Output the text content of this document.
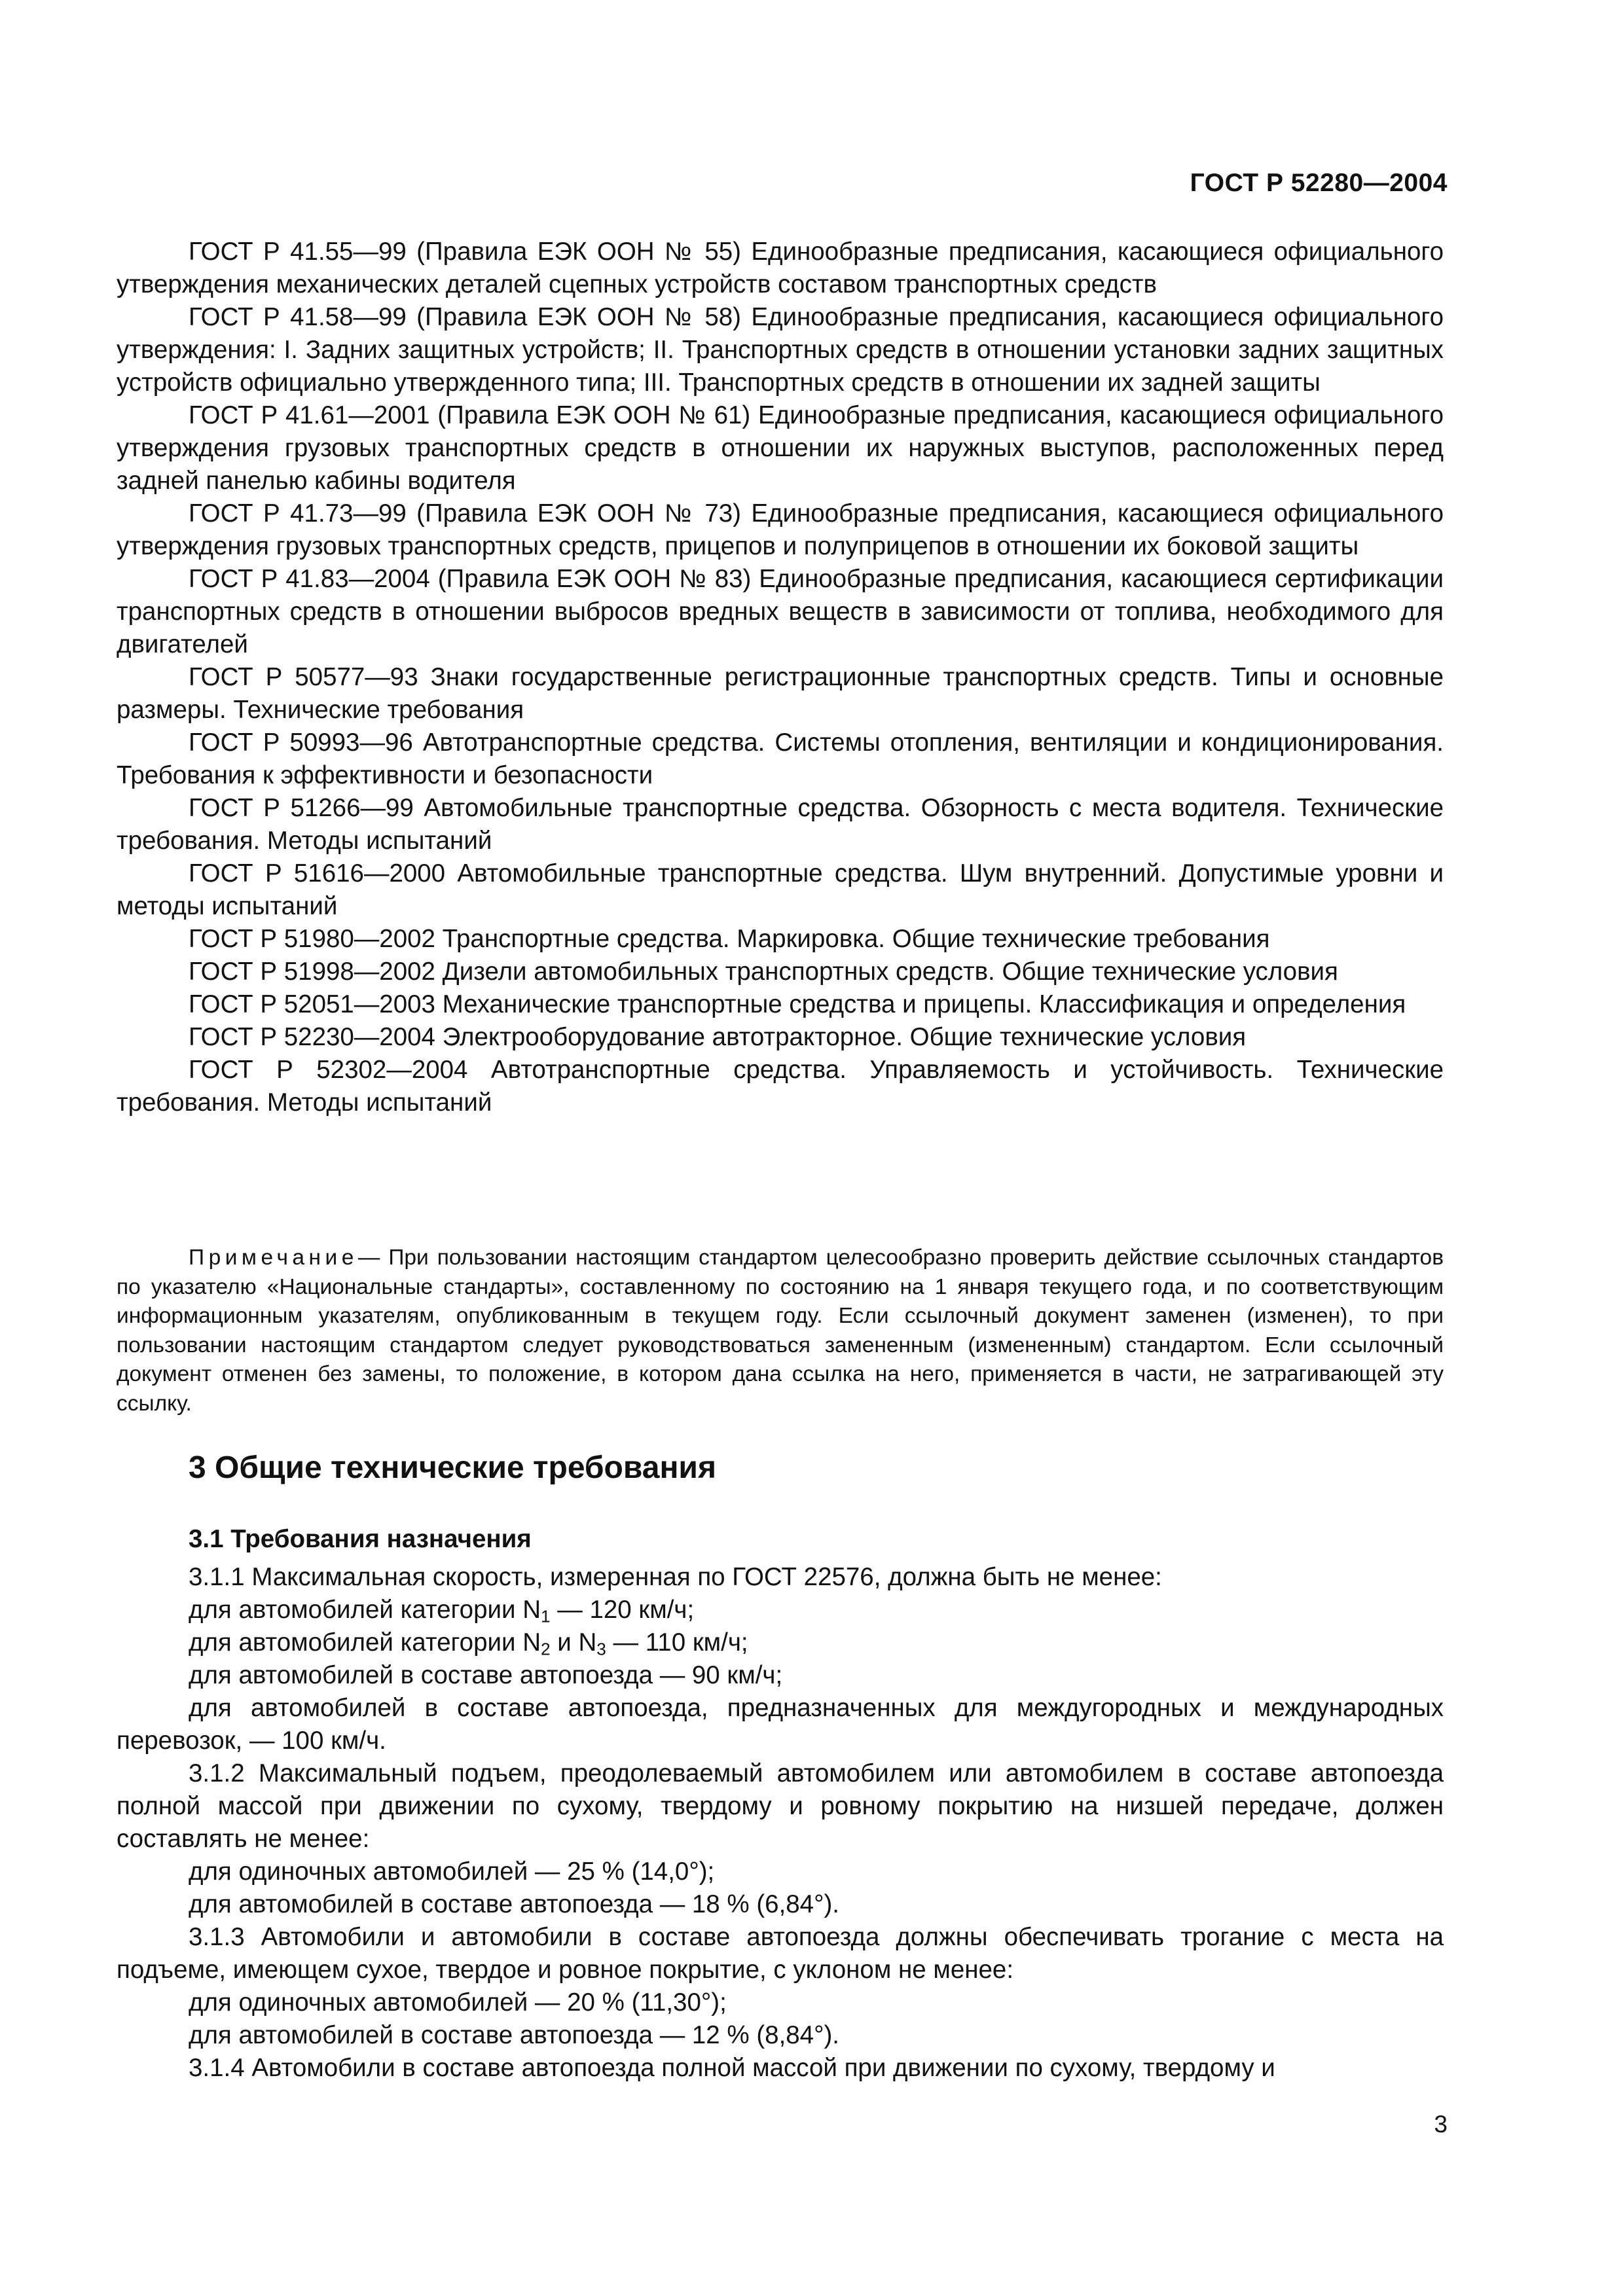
ГОСТ Р 52280—2004

ГОСТ Р 41.55—99 (Правила ЕЭК ООН № 55) Единообразные предписания, касающиеся официального утверждения механических деталей сцепных устройств составом транспортных средств

ГОСТ Р 41.58—99 (Правила ЕЭК ООН № 58) Единообразные предписания, касающиеся официального утверждения: I. Задних защитных устройств; II. Транспортных средств в отношении установки задних защитных устройств официально утвержденного типа; III. Транспортных средств в отношении их задней защиты

ГОСТ Р 41.61—2001 (Правила ЕЭК ООН № 61) Единообразные предписания, касающиеся официального утверждения грузовых транспортных средств в отношении их наружных выступов, расположенных перед задней панелью кабины водителя

ГОСТ Р 41.73—99 (Правила ЕЭК ООН № 73) Единообразные предписания, касающиеся официального утверждения грузовых транспортных средств, прицепов и полуприцепов в отношении их боковой защиты

ГОСТ Р 41.83—2004 (Правила ЕЭК ООН № 83) Единообразные предписания, касающиеся сертификации транспортных средств в отношении выбросов вредных веществ в зависимости от топлива, необходимого для двигателей

ГОСТ Р 50577—93 Знаки государственные регистрационные транспортных средств. Типы и основные размеры. Технические требования

ГОСТ Р 50993—96 Автотранспортные средства. Системы отопления, вентиляции и кондиционирования. Требования к эффективности и безопасности

ГОСТ Р 51266—99 Автомобильные транспортные средства. Обзорность с места водителя. Технические требования. Методы испытаний

ГОСТ Р 51616—2000 Автомобильные транспортные средства. Шум внутренний. Допустимые уровни и методы испытаний

ГОСТ Р 51980—2002 Транспортные средства. Маркировка. Общие технические требования

ГОСТ Р 51998—2002 Дизели автомобильных транспортных средств. Общие технические условия

ГОСТ Р 52051—2003 Механические транспортные средства и прицепы. Классификация и определения

ГОСТ Р 52230—2004 Электрооборудование автотракторное. Общие технические условия

ГОСТ Р 52302—2004 Автотранспортные средства. Управляемость и устойчивость. Технические требования. Методы испытаний

Примечание— При пользовании настоящим стандартом целесообразно проверить действие ссылочных стандартов по указателю «Национальные стандарты», составленному по состоянию на 1 января текущего года, и по соответствующим информационным указателям, опубликованным в текущем году. Если ссылочный документ заменен (изменен), то при пользовании настоящим стандартом следует руководствоваться замененным (измененным) стандартом. Если ссылочный документ отменен без замены, то положение, в котором дана ссылка на него, применяется в части, не затрагивающей эту ссылку.

3 Общие технические требования
3.1 Требования назначения

3.1.1 Максимальная скорость, измеренная по ГОСТ 22576, должна быть не менее:

для автомобилей категории $N_1$ — 120 км/ч;

для автомобилей категории $N_2$ и $N_3$ — 110 км/ч;

для автомобилей в составе автопоезда — 90 км/ч;

для автомобилей в составе автопоезда, предназначенных для междугородных и международных перевозок, — 100 км/ч.

3.1.2 Максимальный подъем, преодолеваемый автомобилем или автомобилем в составе автопоезда полной массой при движении по сухому, твердому и ровному покрытию на низшей передаче, должен составлять не менее:

для одиночных автомобилей — 25 % (14,0°);

для автомобилей в составе автопоезда — 18 % (6,84°).

3.1.3 Автомобили и автомобили в составе автопоезда должны обеспечивать трогание с места на подъеме, имеющем сухое, твердое и ровное покрытие, с уклоном не менее:

для одиночных автомобилей — 20 % (11,30°);

для автомобилей в составе автопоезда — 12 % (8,84°).

3.1.4 Автомобили в составе автопоезда полной массой при движении по сухому, твердому и

3
